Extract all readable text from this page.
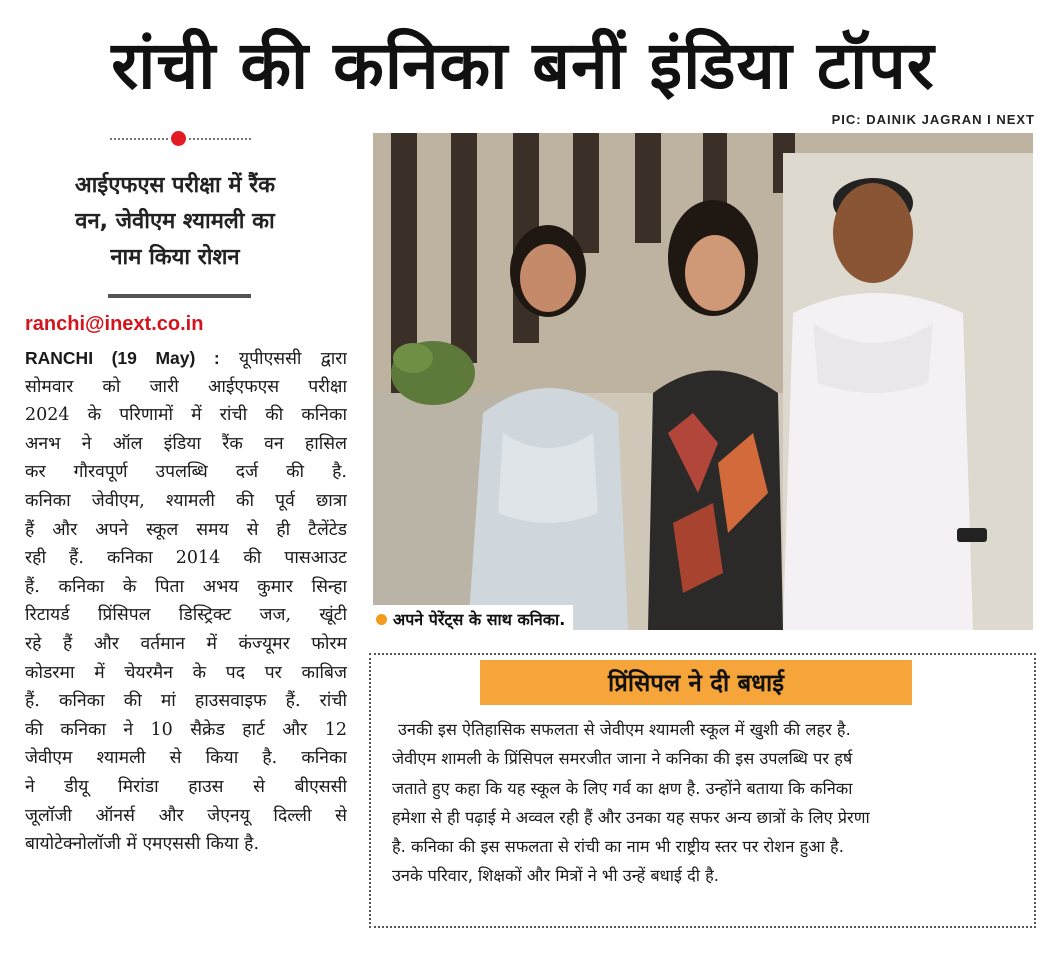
रांची की कनिका बनीं इंडिया टॉपर
PIC: DAINIK JAGRAN I NEXT
आईएफएस परीक्षा में रैंक
वन, जेवीएम श्यामली का
नाम किया रोशन
ranchi@inext.co.in
RANCHI (19 May) : यूपीएससी द्वारा
सोमवार को जारी आईएफएस परीक्षा
2024 के परिणामों में रांची की कनिका
अनभ ने ऑल इंडिया रैंक वन हासिल
कर गौरवपूर्ण उपलब्धि दर्ज की है.
कनिका जेवीएम, श्यामली की पूर्व छात्रा
हैं और अपने स्कूल समय से ही टैलेंटेड
रही हैं. कनिका 2014 की पासआउट
हैं. कनिका के पिता अभय कुमार सिन्हा
रिटायर्ड प्रिंसिपल डिस्ट्रिक्ट जज, खूंटी
रहे हैं और वर्तमान में कंज्यूमर फोरम
कोडरमा में चेयरमैन के पद पर काबिज
हैं. कनिका की मां हाउसवाइफ हैं. रांची
की कनिका ने 10 सैक्रेड हार्ट और 12
जेवीएम श्यामली से किया है. कनिका
ने डीयू मिरांडा हाउस से बीएससी
जूलॉजी ऑनर्स और जेएनयू दिल्ली से
बायोटेक्नोलॉजी में एमएससी किया है.
अपने पेरेंट्स के साथ कनिका.
प्रिंसिपल ने दी बधाई
उनकी इस ऐतिहासिक सफलता से जेवीएम श्यामली स्कूल में खुशी की लहर है.
जेवीएम शामली के प्रिंसिपल समरजीत जाना ने कनिका की इस उपलब्धि पर हर्ष
जताते हुए कहा कि यह स्कूल के लिए गर्व का क्षण है. उन्होंने बताया कि कनिका
हमेशा से ही पढ़ाई मे अव्वल रही हैं और उनका यह सफर अन्य छात्रों के लिए प्रेरणा
है. कनिका की इस सफलता से रांची का नाम भी राष्ट्रीय स्तर पर रोशन हुआ है.
उनके परिवार, शिक्षकों और मित्रों ने भी उन्हें बधाई दी है.
